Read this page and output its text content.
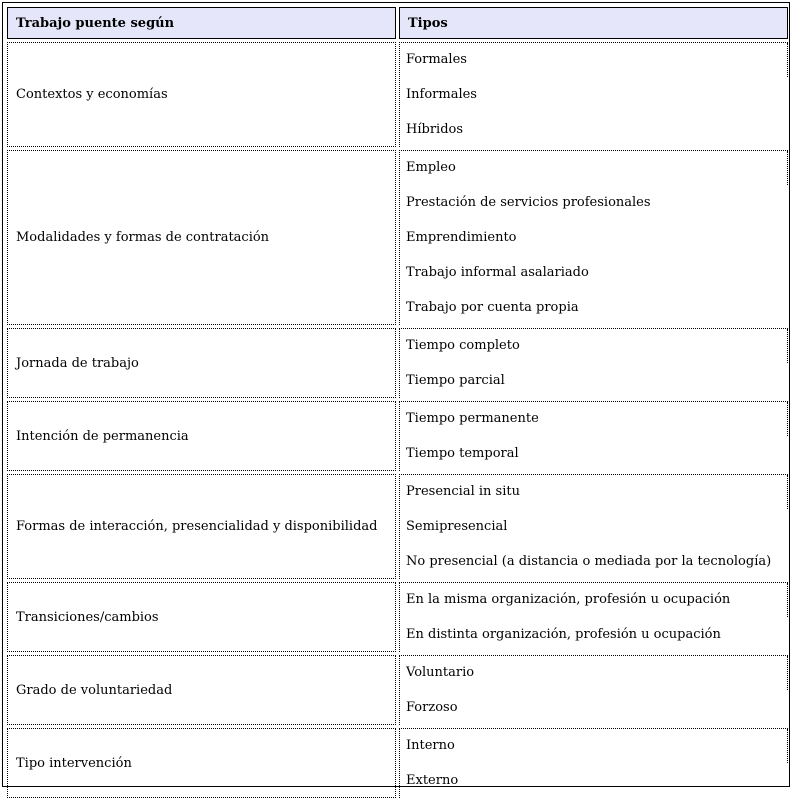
Trabajo puente según	Tipos
Contextos y economías	Formales
Informales
Híbridos

Modalidades y formas de contratación	Empleo
Prestación de servicios profesionales
Emprendimiento
Trabajo informal asalariado
Trabajo por cuenta propia

Jornada de trabajo	Tiempo completo
Tiempo parcial

Intención de permanencia	Tiempo permanente
Tiempo temporal

Formas de interacción, presencialidad y disponibilidad	Presencial in situ
Semipresencial
No presencial (a distancia o mediada por la tecnología)

Transiciones/cambios	En la misma organización, profesión u ocupación
En distinta organización, profesión u ocupación

Grado de voluntariedad	Voluntario
Forzoso

Tipo intervención	Interno
Externo
